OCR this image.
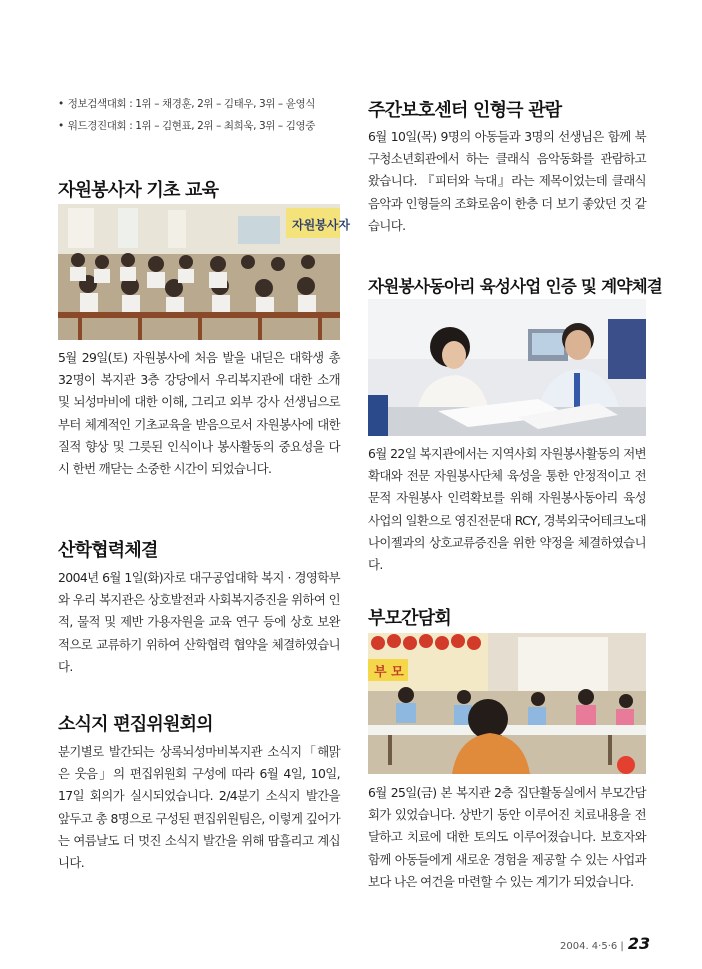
• 정보검색대회 : 1위 – 채경훈, 2위 – 김태우, 3위 – 윤영식
• 워드경진대회 : 1위 – 김현표, 2위 – 최희욱, 3위 – 김영중
자원봉사자 기초 교육
자원봉사자

5월 29일(토) 자원봉사에 처음 발을 내딛은 대학생 총 32명이 복지관 3층 강당에서 우리복지관에 대한 소개 및 뇌성마비에 대한 이해, 그리고 외부 강사 선생님으로부터 체계적인 기초교육을 받음으로서 자원봉사에 대한 질적 향상 및 그릇된 인식이나 봉사활동의 중요성을 다시 한번 깨닫는 소중한 시간이 되었습니다.

산학협력체결

2004년 6월 1일(화)자로 대구공업대학 복지 · 경영학부와 우리 복지관은 상호발전과 사회복지증진을 위하여 인적, 물적 및 제반 가용자원을 교육 연구 등에 상호 보완적으로 교류하기 위하여 산학협력 협약을 체결하였습니다.

소식지 편집위원회의

분기별로 발간되는 상록뇌성마비복지관 소식지「해맑은 웃음」의 편집위원회 구성에 따라 6월 4일, 10일, 17일 회의가 실시되었습니다. 2/4분기 소식지 발간을 앞두고 총 8명으로 구성된 편집위원팀은, 이렇게 깊어가는 여름날도 더 멋진 소식지 발간을 위해 땀흘리고 계십니다.

주간보호센터 인형극 관람

6월 10일(목) 9명의 아동들과 3명의 선생님은 함께 북구청소년회관에서 하는 클래식 음악동화를 관람하고 왔습니다. 『피터와 늑대』라는 제목이었는데 클래식음악과 인형들의 조화로움이 한층 더 보기 좋았던 것 같습니다.

자원봉사동아리 육성사업 인증 및 계약체결

6월 22일 복지관에서는 지역사회 자원봉사활동의 저변확대와 전문 자원봉사단체 육성을 통한 안정적이고 전문적 자원봉사 인력확보를 위해 자원봉사동아리 육성사업의 일환으로 영진전문대 RCY, 경북외국어테크노대 나이젤과의 상호교류증진을 위한 약정을 체결하였습니다.

부모간담회
부 모

6월 25일(금) 본 복지관 2층 집단활동실에서 부모간담회가 있었습니다. 상반기 동안 이루어진 치료내용을 전달하고 치료에 대한 토의도 이루어졌습니다. 보호자와 함께 아동들에게 새로운 경험을 제공할 수 있는 사업과 보다 나은 여건을 마련할 수 있는 계기가 되었습니다.

2004. 4·5·6 | 23
